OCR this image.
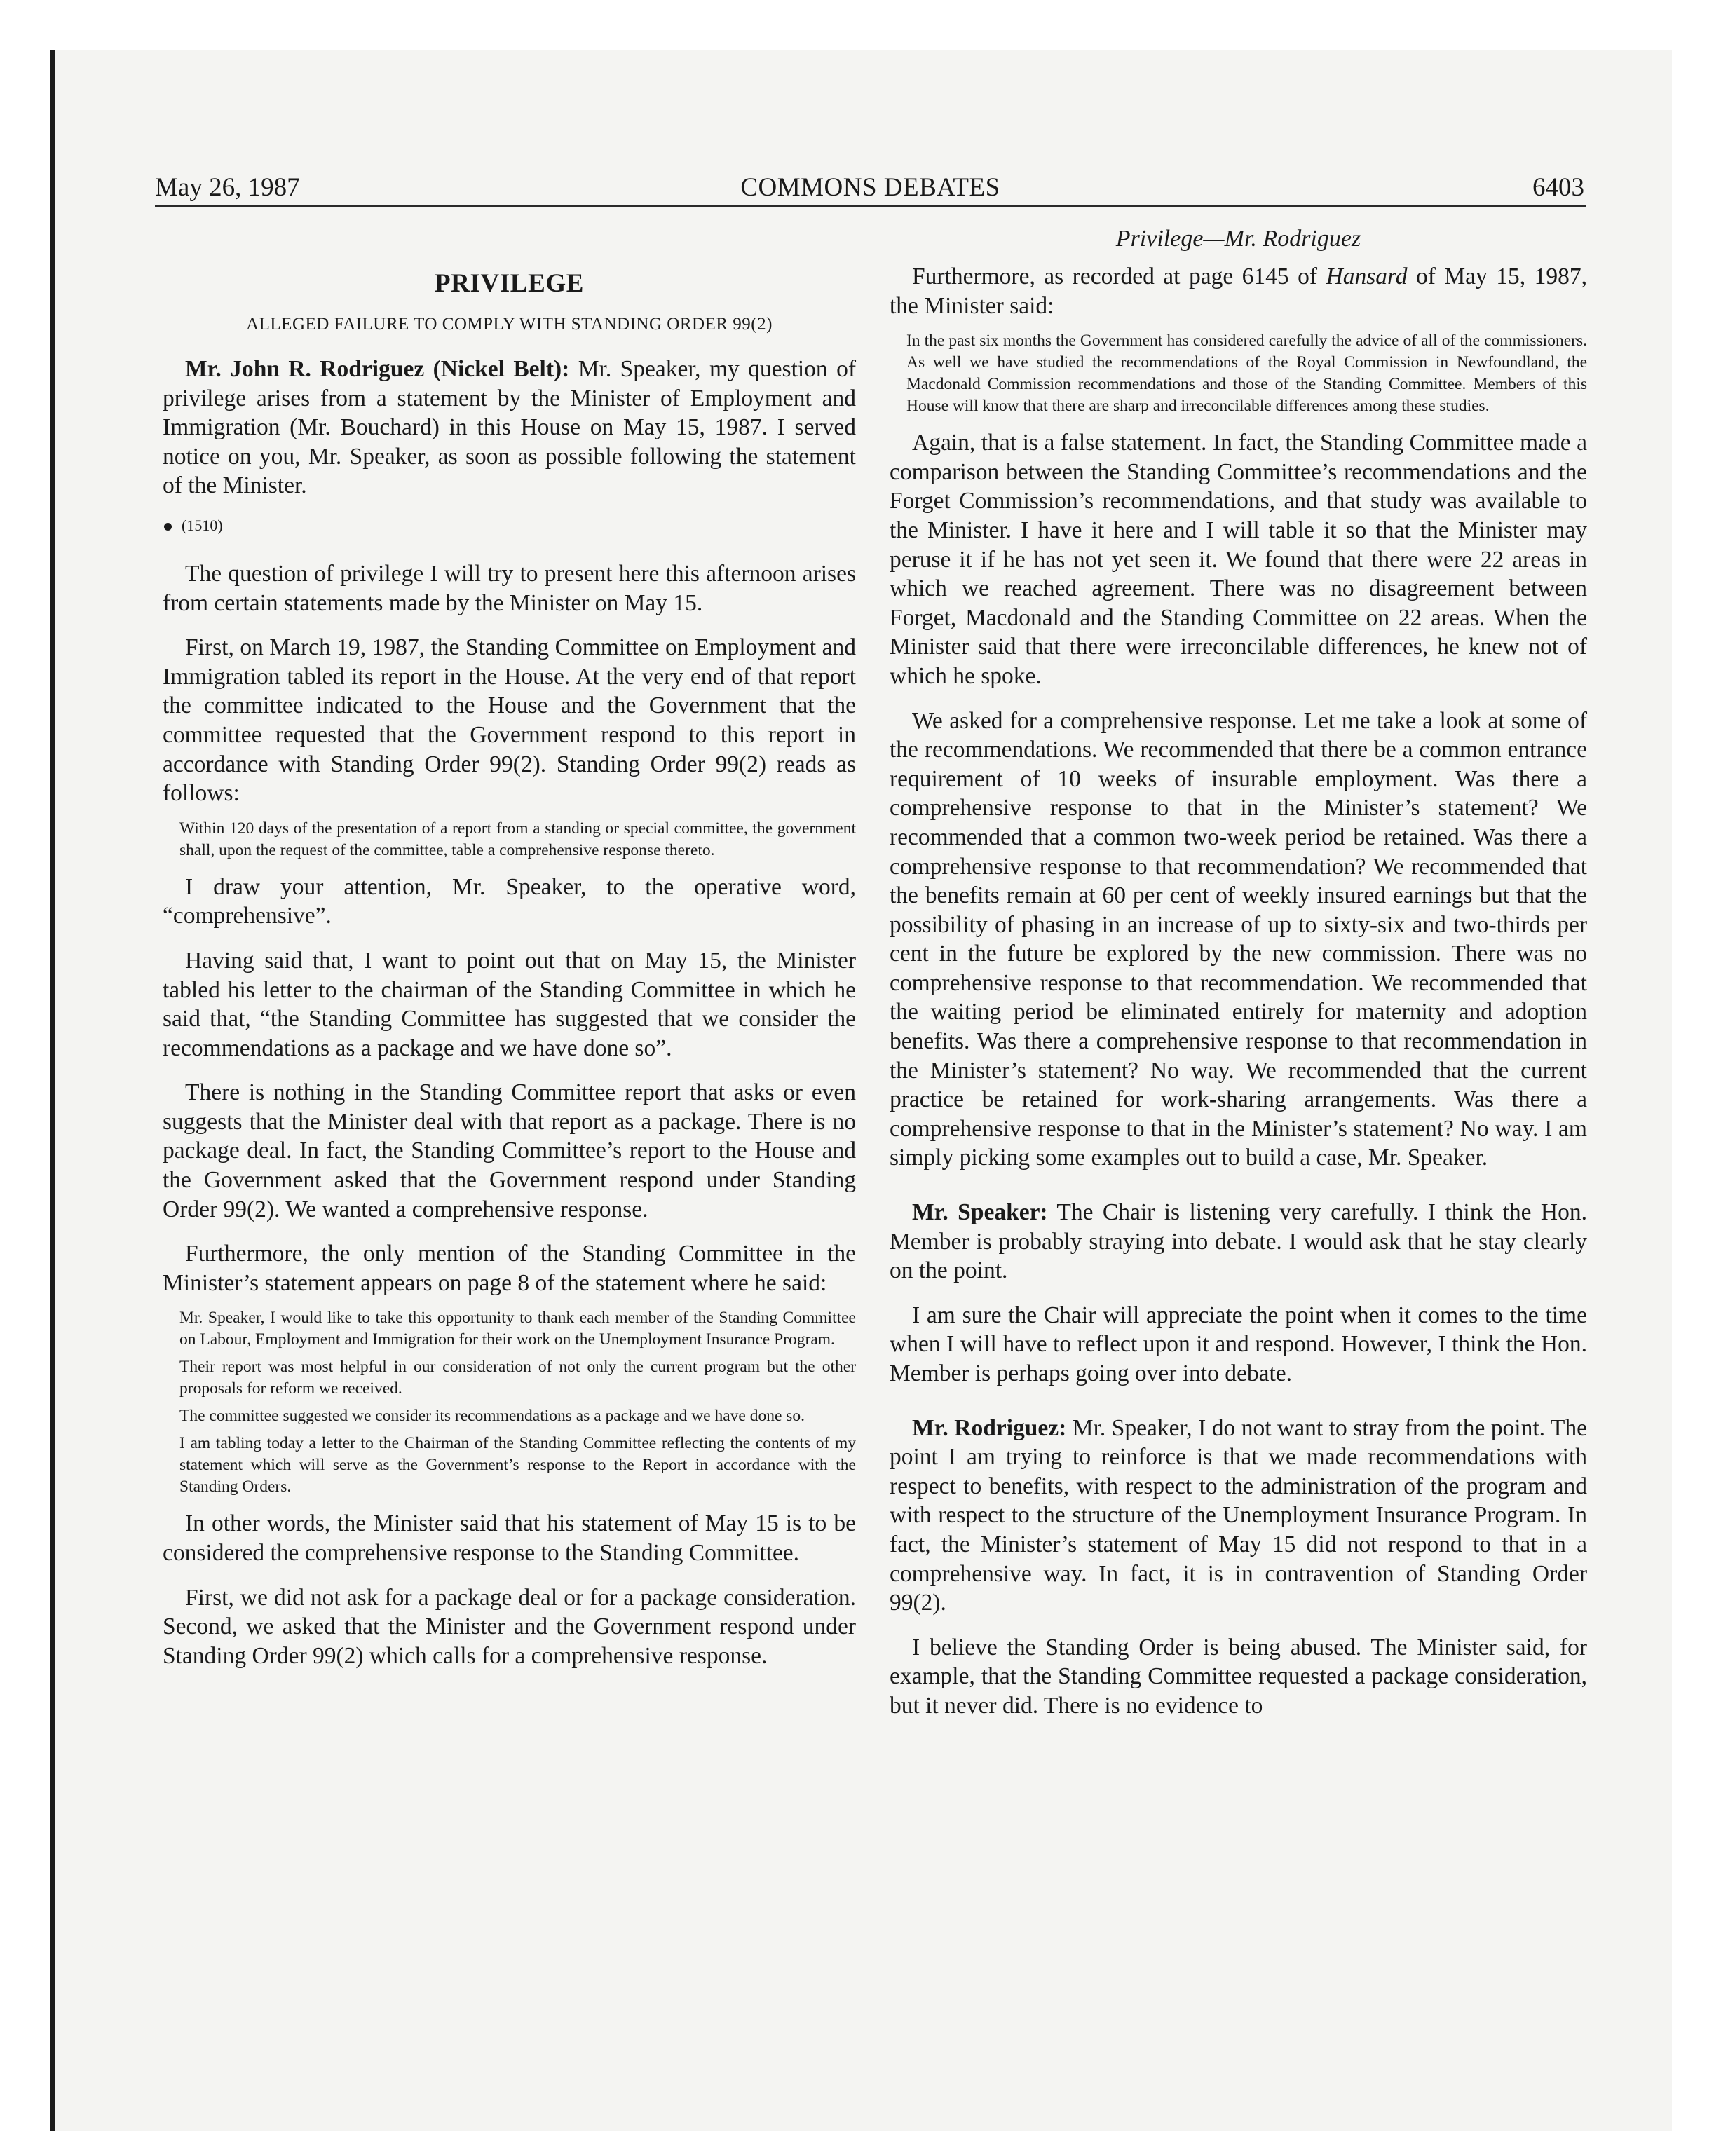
May 26, 1987	COMMONS DEBATES	6403
PRIVILEGE
ALLEGED FAILURE TO COMPLY WITH STANDING ORDER 99(2)

Mr. John R. Rodriguez (Nickel Belt): Mr. Speaker, my question of privilege arises from a statement by the Minister of Employment and Immigration (Mr. Bouchard) in this House on May 15, 1987. I served notice on you, Mr. Speaker, as soon as possible following the statement of the Minister.

(1510)

The question of privilege I will try to present here this afternoon arises from certain statements made by the Minister on May 15.

First, on March 19, 1987, the Standing Committee on Employment and Immigration tabled its report in the House. At the very end of that report the committee indicated to the House and the Government that the committee requested that the Government respond to this report in accordance with Standing Order 99(2). Standing Order 99(2) reads as follows:

Within 120 days of the presentation of a report from a standing or special committee, the government shall, upon the request of the committee, table a comprehensive response thereto.

I draw your attention, Mr. Speaker, to the operative word, “comprehensive”.

Having said that, I want to point out that on May 15, the Minister tabled his letter to the chairman of the Standing Committee in which he said that, “the Standing Committee has suggested that we consider the recommendations as a package and we have done so”.

There is nothing in the Standing Committee report that asks or even suggests that the Minister deal with that report as a package. There is no package deal. In fact, the Standing Committee’s report to the House and the Government asked that the Government respond under Standing Order 99(2). We wanted a comprehensive response.

Furthermore, the only mention of the Standing Committee in the Minister’s statement appears on page 8 of the statement where he said:

Mr. Speaker, I would like to take this opportunity to thank each member of the Standing Committee on Labour, Employment and Immigration for their work on the Unemployment Insurance Program.
Their report was most helpful in our consideration of not only the current program but the other proposals for reform we received.
The committee suggested we consider its recommendations as a package and we have done so.
I am tabling today a letter to the Chairman of the Standing Committee reflecting the contents of my statement which will serve as the Government’s response to the Report in accordance with the Standing Orders.

In other words, the Minister said that his statement of May 15 is to be considered the comprehensive response to the Standing Committee.

First, we did not ask for a package deal or for a package consideration. Second, we asked that the Minister and the Government respond under Standing Order 99(2) which calls for a comprehensive response.

Privilege—Mr. Rodriguez

Furthermore, as recorded at page 6145 of Hansard of May 15, 1987, the Minister said:

In the past six months the Government has considered carefully the advice of all of the commissioners. As well we have studied the recommendations of the Royal Commission in Newfoundland, the Macdonald Commission recommendations and those of the Standing Committee. Members of this House will know that there are sharp and irreconcilable differences among these studies.

Again, that is a false statement. In fact, the Standing Committee made a comparison between the Standing Committee’s recommendations and the Forget Commission’s recommendations, and that study was available to the Minister. I have it here and I will table it so that the Minister may peruse it if he has not yet seen it. We found that there were 22 areas in which we reached agreement. There was no disagreement between Forget, Macdonald and the Standing Committee on 22 areas. When the Minister said that there were irreconcilable differences, he knew not of which he spoke.

We asked for a comprehensive response. Let me take a look at some of the recommendations. We recommended that there be a common entrance requirement of 10 weeks of insurable employment. Was there a comprehensive response to that in the Minister’s statement? We recommended that a common two-week period be retained. Was there a comprehensive response to that recommendation? We recommended that the benefits remain at 60 per cent of weekly insured earnings but that the possibility of phasing in an increase of up to sixty-six and two-thirds per cent in the future be explored by the new commission. There was no comprehensive response to that recommendation. We recommended that the waiting period be eliminated entirely for maternity and adoption benefits. Was there a comprehensive response to that recommendation in the Minister’s statement? No way. We recommended that the current practice be retained for work-sharing arrangements. Was there a comprehensive response to that in the Minister’s statement? No way. I am simply picking some examples out to build a case, Mr. Speaker.

Mr. Speaker: The Chair is listening very carefully. I think the Hon. Member is probably straying into debate. I would ask that he stay clearly on the point.

I am sure the Chair will appreciate the point when it comes to the time when I will have to reflect upon it and respond. However, I think the Hon. Member is perhaps going over into debate.

Mr. Rodriguez: Mr. Speaker, I do not want to stray from the point. The point I am trying to reinforce is that we made recommendations with respect to benefits, with respect to the administration of the program and with respect to the structure of the Unemployment Insurance Program. In fact, the Minister’s statement of May 15 did not respond to that in a comprehensive way. In fact, it is in contravention of Standing Order 99(2).

I believe the Standing Order is being abused. The Minister said, for example, that the Standing Committee requested a package consideration, but it never did. There is no evidence to
